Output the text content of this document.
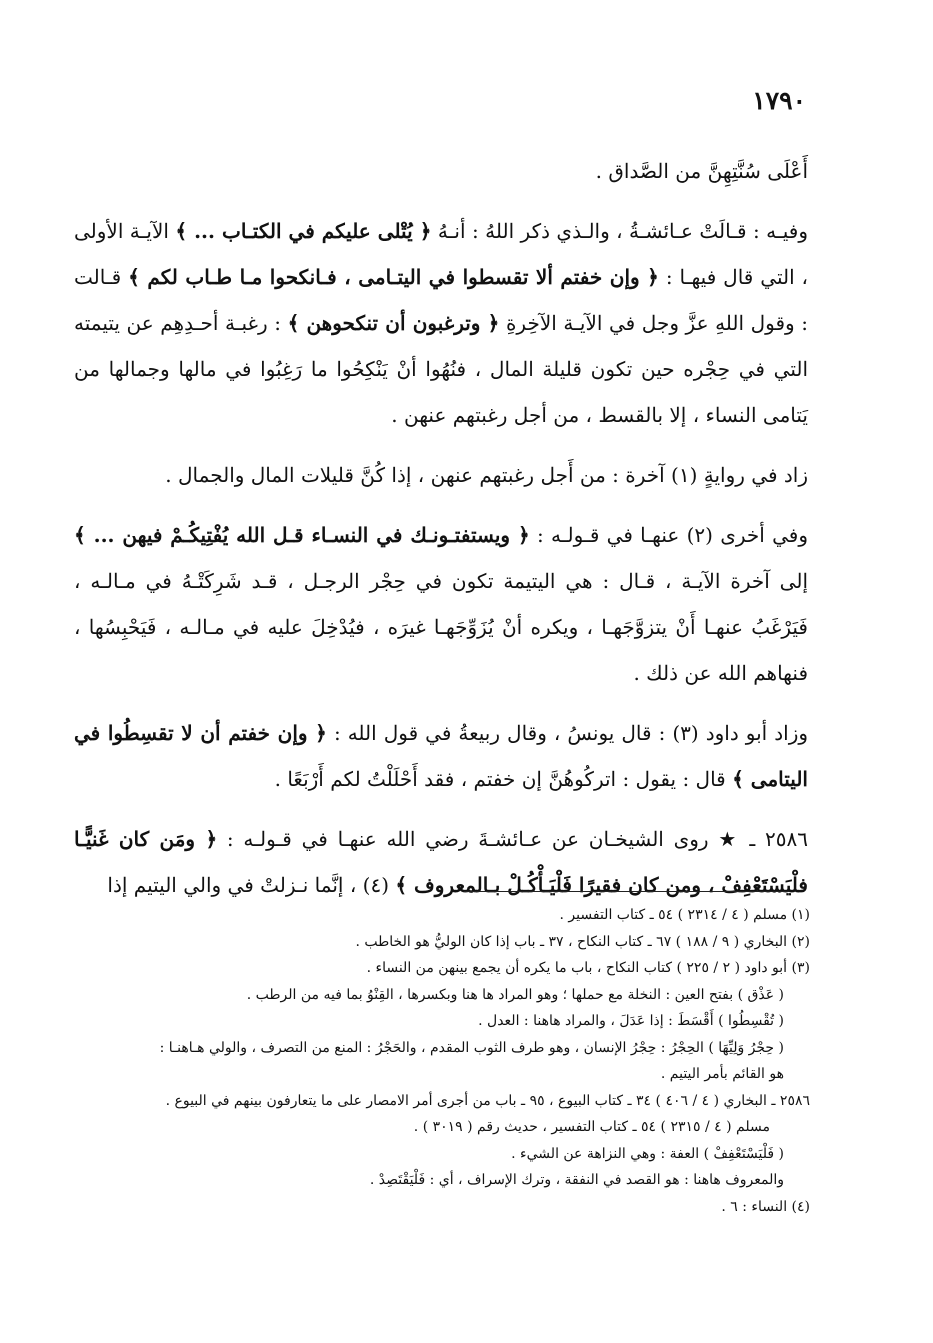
١٧٩٠

أَعْلَى سُنَّتِهِنَّ من الصَّداق .

وفيـه : قـالَتْ عـائشـةُ ، والـذي ذكر اللهُ : أنـهُ ﴿ يُتْلى عليكم في الكتـاب ... ﴾ الآيـة الأولى ، التي قال فيهـا : ﴿ وإن خفتم ألا تقسطوا في اليتـامى ، فـانكحوا مـا طـاب لكم ﴾ قـالت : وقول اللهِ عزَّ وجل في الآيـة الآخِرةِ ﴿ وترغبون أن تنكحوهن ﴾ : رغبـة أحـدِهِم عن يتيمته التي في حِجْره حين تكون قليلة المال ، فنُهُوا أنْ يَنْكِحُوا ما رَغِبُوا في مالها وجمالها من يَتامى النساء ، إلا بالقسط ، من أجل رغبتهم عنهن .

زاد في روايةٍ (١) آخرة : من أَجل رغبتهم عنهن ، إذا كُنَّ قليلات المال والجمال .

وفي أخرى (٢) عنهـا في قـولـه : ﴿ ويستفتـونـك في النسـاء قـل الله يُفْتِيكُـمْ فيهن ... ﴾ إلى آخرة الآيـة ، قـال : هي اليتيمة تكون في حِجْر الرجـل ، قـد شَرِكَتْـهُ في مـالـه ، فَيَرْغَبُ عنهـا أَنْ يتزوَّجَهـا ، ويكره أنْ يُزَوِّجَهـا غيرَه ، فيُدْخِلَ عليه في مـالـه ، فَيَحْبِسُها ، فنهاهم الله عن ذلك .

وزاد أبو داود (٣) : قال يونسُ ، وقال ربيعةُ في قول الله : ﴿ وإن خفتم أن لا تقسِطُوا في اليتامى ﴾ قال : يقول : اتركُوهُنَّ إن خفتم ، فقد أَحْلَلْتُ لكم أَرْبَعًا .

٢٥٨٦ ـ ★ روى الشيخـان عن عـائشـةَ رضي الله عنهـا في قـولـه : ﴿ ومَن كان غَنيًّـا فلْيَسْتَعْفِفْ ، ومن كان فقيرًا فَلْيَـأْكُـلْ بـالمعروف ﴾ (٤) ، إنَّما نـزلتْ في والي اليتيم إذا

(١) مسلم ( ٤ / ٢٣١٤ ) ٥٤ ـ كتاب التفسير .
(٢) البخاري ( ٩ / ١٨٨ ) ٦٧ ـ كتاب النكاح ، ٣٧ ـ باب إذا كان الوليُّ هو الخاطب .
(٣) أبو داود ( ٢ / ٢٢٥ ) كتاب النكاح ، باب ما يكره أن يجمع بينهن من النساء .
( عَذْق ) بفتح العين : النخلة مع حملها ؛ وهو المراد ها هنا وبكسرها ، القِنْوُ بما فيه من الرطب .
( تُقْسِطُوا ) أَقْسَطَ : إذا عَدَلَ ، والمراد هاهنا : العدل .
( حِجْرُ وَلِيِّهَا ) الحِجْرُ : حِجْرُ الإنسان ، وهو طرف الثوب المقدم ، والحَجْرُ : المنع من التصرف ، والولي هـاهنـا :
هو القائم بأمر اليتيم .
٢٥٨٦ ـ البخاري ( ٤ / ٤٠٦ ) ٣٤ ـ كتاب البيوع ، ٩٥ ـ باب من أجرى أمر الامصار على ما يتعارفون بينهم في البيوع .
مسلم ( ٤ / ٢٣١٥ ) ٥٤ ـ كتاب التفسير ، حديث رقم ( ٣٠١٩ ) .
( فَلْيَسْتَعْفِفْ ) العفة : وهي النزاهة عن الشيء .
والمعروف هاهنا : هو القصد في النفقة ، وترك الإسراف ، أي : فَلْيَقْتَصِدْ .
(٤) النساء : ٦ .
